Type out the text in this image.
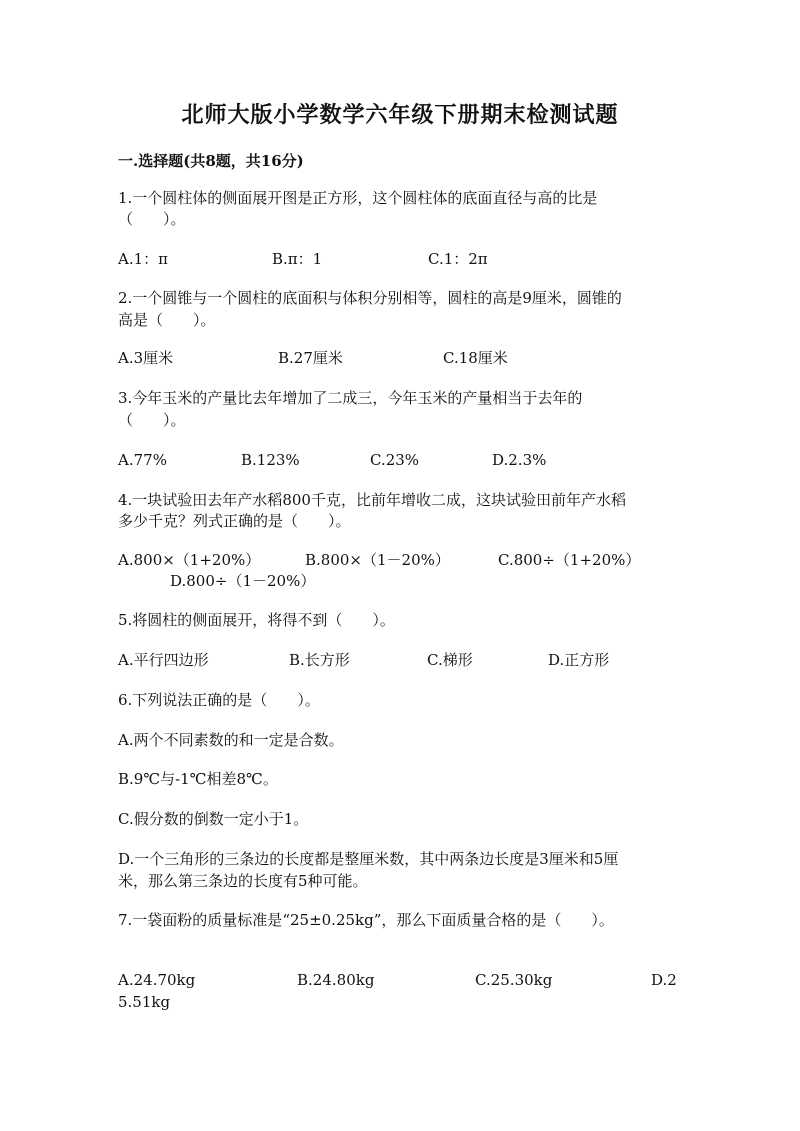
北师大版小学数学六年级下册期末检测试题
一.选择题(共8题，共16分)
1.一个圆柱体的侧面展开图是正方形，这个圆柱体的底面直径与高的比是
（　　）。
A.1：π	B.π：1	C.1：2π
2.一个圆锥与一个圆柱的底面积与体积分别相等，圆柱的高是9厘米，圆锥的
高是（　　）。
A.3厘米	B.27厘米	C.18厘米
3.今年玉米的产量比去年增加了二成三，今年玉米的产量相当于去年的
（　　）。
A.77%	B.123%	C.23%	D.2.3%
4.一块试验田去年产水稻800千克，比前年增收二成，这块试验田前年产水稻
多少千克？列式正确的是（　　）。
A.800×（1+20%）	B.800×（1－20%）	C.800÷（1+20%）
D.800÷（1－20%）
5.将圆柱的侧面展开，将得不到（　　）。
A.平行四边形	B.长方形	C.梯形	D.正方形
6.下列说法正确的是（　　）。
A.两个不同素数的和一定是合数。
B.9℃与-1℃相差8℃。
C.假分数的倒数一定小于1。
D.一个三角形的三条边的长度都是整厘米数，其中两条边长度是3厘米和5厘
米，那么第三条边的长度有5种可能。
7.一袋面粉的质量标准是“25±0.25kg”，那么下面质量合格的是（　　）。
A.24.70kg	B.24.80kg	C.25.30kg	D.2
5.51kg
